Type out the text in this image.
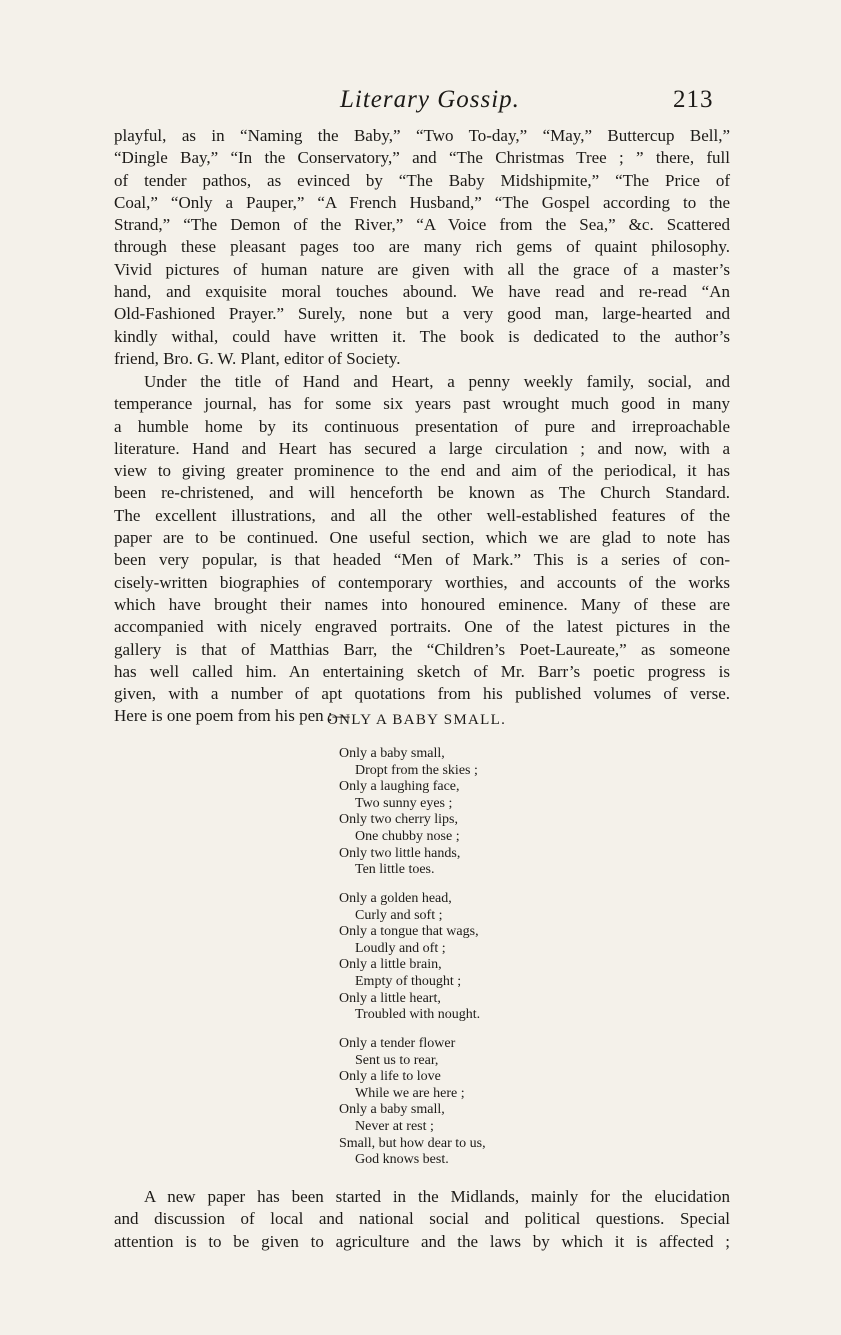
Literary Gossip.	213
playful, as in “Naming the Baby,” “Two To-day,” “May,” Buttercup Bell,”
“Dingle Bay,” “In the Conservatory,” and “The Christmas Tree ; ” there, full
of tender pathos, as evinced by “The Baby Midshipmite,” “The Price of
Coal,” “Only a Pauper,” “A French Husband,” “The Gospel according to the
Strand,” “The Demon of the River,” “A Voice from the Sea,” &c. Scattered
through these pleasant pages too are many rich gems of quaint philosophy.
Vivid pictures of human nature are given with all the grace of a master’s
hand, and exquisite moral touches abound. We have read and re-read “An
Old-Fashioned Prayer.” Surely, none but a very good man, large-hearted and
kindly withal, could have written it. The book is dedicated to the author’s
friend, Bro. G. W. Plant, editor of Society.
Under the title of Hand and Heart, a penny weekly family, social, and
temperance journal, has for some six years past wrought much good in many
a humble home by its continuous presentation of pure and irreproachable
literature. Hand and Heart has secured a large circulation ; and now, with a
view to giving greater prominence to the end and aim of the periodical, it has
been re-christened, and will henceforth be known as The Church Standard.
The excellent illustrations, and all the other well-established features of the
paper are to be continued. One useful section, which we are glad to note has
been very popular, is that headed “Men of Mark.” This is a series of con-
cisely-written biographies of contemporary worthies, and accounts of the works
which have brought their names into honoured eminence. Many of these are
accompanied with nicely engraved portraits. One of the latest pictures in the
gallery is that of Matthias Barr, the “Children’s Poet-Laureate,” as someone
has well called him. An entertaining sketch of Mr. Barr’s poetic progress is
given, with a number of apt quotations from his published volumes of verse.
Here is one poem from his pen :—
ONLY A BABY SMALL.
Only a baby small,
Dropt from the skies ;
Only a laughing face,
Two sunny eyes ;
Only two cherry lips,
One chubby nose ;
Only two little hands,
Ten little toes.
Only a golden head,
Curly and soft ;
Only a tongue that wags,
Loudly and oft ;
Only a little brain,
Empty of thought ;
Only a little heart,
Troubled with nought.
Only a tender flower
Sent us to rear,
Only a life to love
While we are here ;
Only a baby small,
Never at rest ;
Small, but how dear to us,
God knows best.
A new paper has been started in the Midlands, mainly for the elucidation
and discussion of local and national social and political questions. Special
attention is to be given to agriculture and the laws by which it is affected ;
